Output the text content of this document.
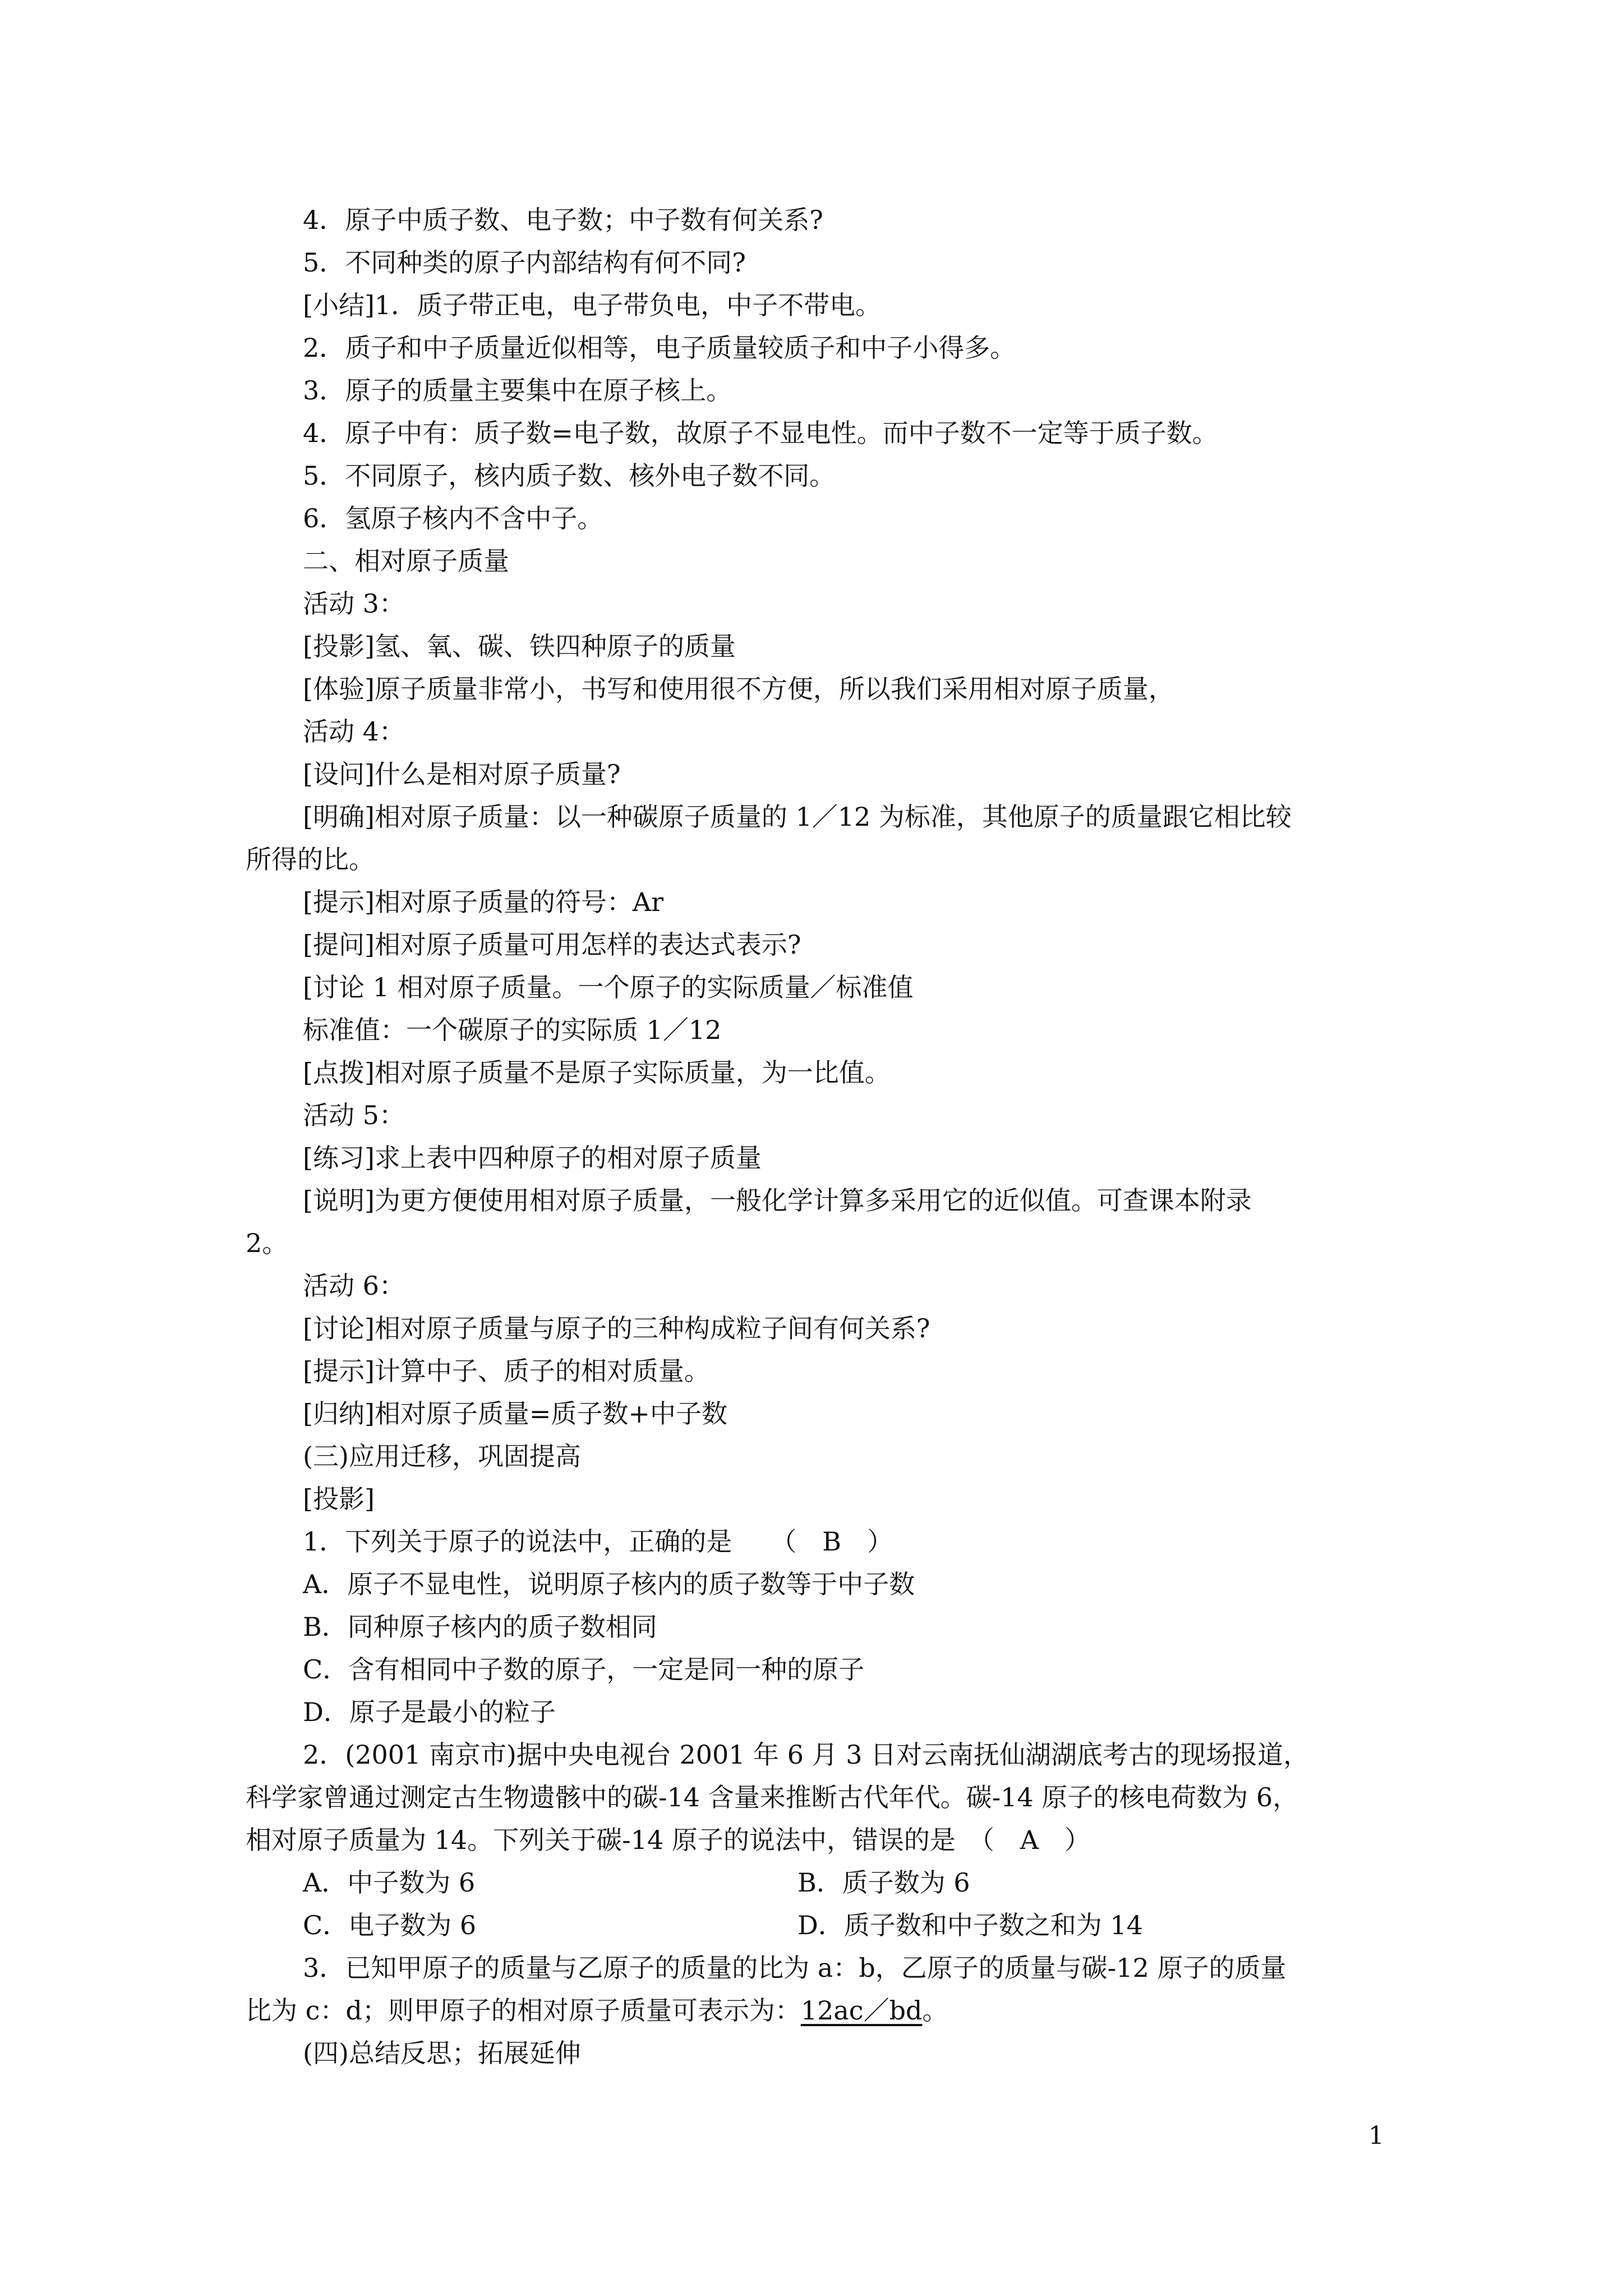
4．原子中质子数、电子数；中子数有何关系?
5．不同种类的原子内部结构有何不同?
[小结]1．质子带正电，电子带负电，中子不带电。
2．质子和中子质量近似相等，电子质量较质子和中子小得多。
3．原子的质量主要集中在原子核上。
4．原子中有：质子数=电子数，故原子不显电性。而中子数不一定等于质子数。
5．不同原子，核内质子数、核外电子数不同。
6．氢原子核内不含中子。
二、相对原子质量
活动 3：
[投影]氢、氧、碳、铁四种原子的质量
[体验]原子质量非常小，书写和使用很不方便，所以我们采用相对原子质量，
活动 4：
[设问]什么是相对原子质量?
[明确]相对原子质量：以一种碳原子质量的 1／12 为标准，其他原子的质量跟它相比较
所得的比。
[提示]相对原子质量的符号：Ar
[提问]相对原子质量可用怎样的表达式表示?
[讨论 1 相对原子质量。一个原子的实际质量／标准值
标准值：一个碳原子的实际质 1／12
[点拨]相对原子质量不是原子实际质量，为一比值。
活动 5：
[练习]求上表中四种原子的相对原子质量
[说明]为更方便使用相对原子质量，一般化学计算多采用它的近似值。可查课本附录
2。
活动 6：
[讨论]相对原子质量与原子的三种构成粒子间有何关系?
[提示]计算中子、质子的相对质量。
[归纳]相对原子质量=质子数+中子数
(三)应用迁移，巩固提高
[投影]
1．下列关于原子的说法中，正确的是　　（　B　）
A．原子不显电性，说明原子核内的质子数等于中子数
B．同种原子核内的质子数相同
C．含有相同中子数的原子，一定是同一种的原子
D．原子是最小的粒子
2．(2001 南京市)据中央电视台 2001 年 6 月 3 日对云南抚仙湖湖底考古的现场报道，
科学家曾通过测定古生物遗骸中的碳-14 含量来推断古代年代。碳-14 原子的核电荷数为 6，
相对原子质量为 14。下列关于碳-14 原子的说法中，错误的是　（　A　）
A．中子数为 6	B．质子数为 6
C．电子数为 6	D．质子数和中子数之和为 14
3．已知甲原子的质量与乙原子的质量的比为 a：b，乙原子的质量与碳-12 原子的质量
比为 c：d；则甲原子的相对原子质量可表示为：12ac／bd。
(四)总结反思；拓展延伸
1
